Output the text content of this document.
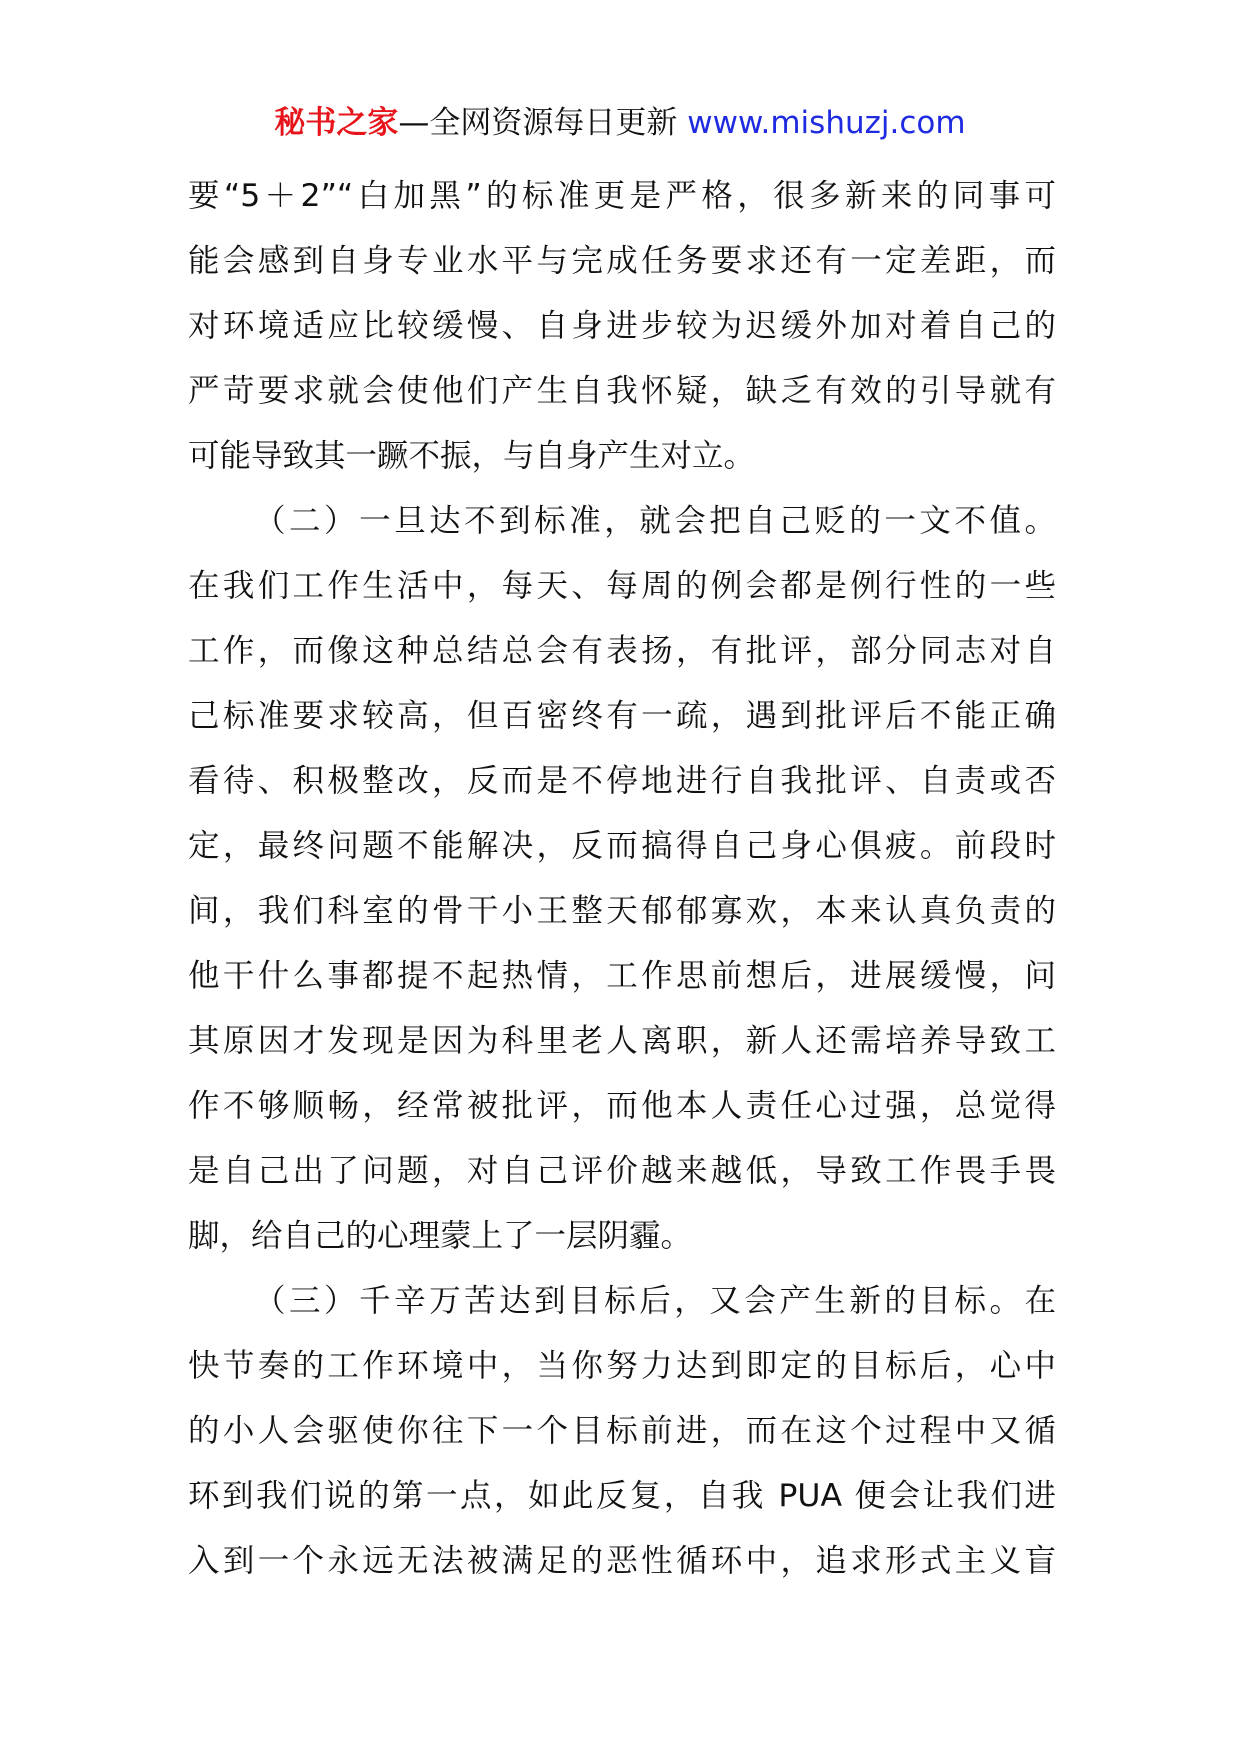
秘书之家—全网资源每日更新 www.mishuzj.com
要“5＋2”“白加黑”的标准更是严格，很多新来的同事可
能会感到自身专业水平与完成任务要求还有一定差距，而
对环境适应比较缓慢、自身进步较为迟缓外加对着自己的
严苛要求就会使他们产生自我怀疑，缺乏有效的引导就有
可能导致其一蹶不振，与自身产生对立。
（二）一旦达不到标准，就会把自己贬的一文不值。
在我们工作生活中，每天、每周的例会都是例行性的一些
工作，而像这种总结总会有表扬，有批评，部分同志对自
己标准要求较高，但百密终有一疏，遇到批评后不能正确
看待、积极整改，反而是不停地进行自我批评、自责或否
定，最终问题不能解决，反而搞得自己身心俱疲。前段时
间，我们科室的骨干小王整天郁郁寡欢，本来认真负责的
他干什么事都提不起热情，工作思前想后，进展缓慢，问
其原因才发现是因为科里老人离职，新人还需培养导致工
作不够顺畅，经常被批评，而他本人责任心过强，总觉得
是自己出了问题，对自己评价越来越低，导致工作畏手畏
脚，给自己的心理蒙上了一层阴霾。
（三）千辛万苦达到目标后，又会产生新的目标。在
快节奏的工作环境中，当你努力达到即定的目标后，心中
的小人会驱使你往下一个目标前进，而在这个过程中又循
环到我们说的第一点，如此反复，自我 PUA 便会让我们进
入到一个永远无法被满足的恶性循环中，追求形式主义盲
